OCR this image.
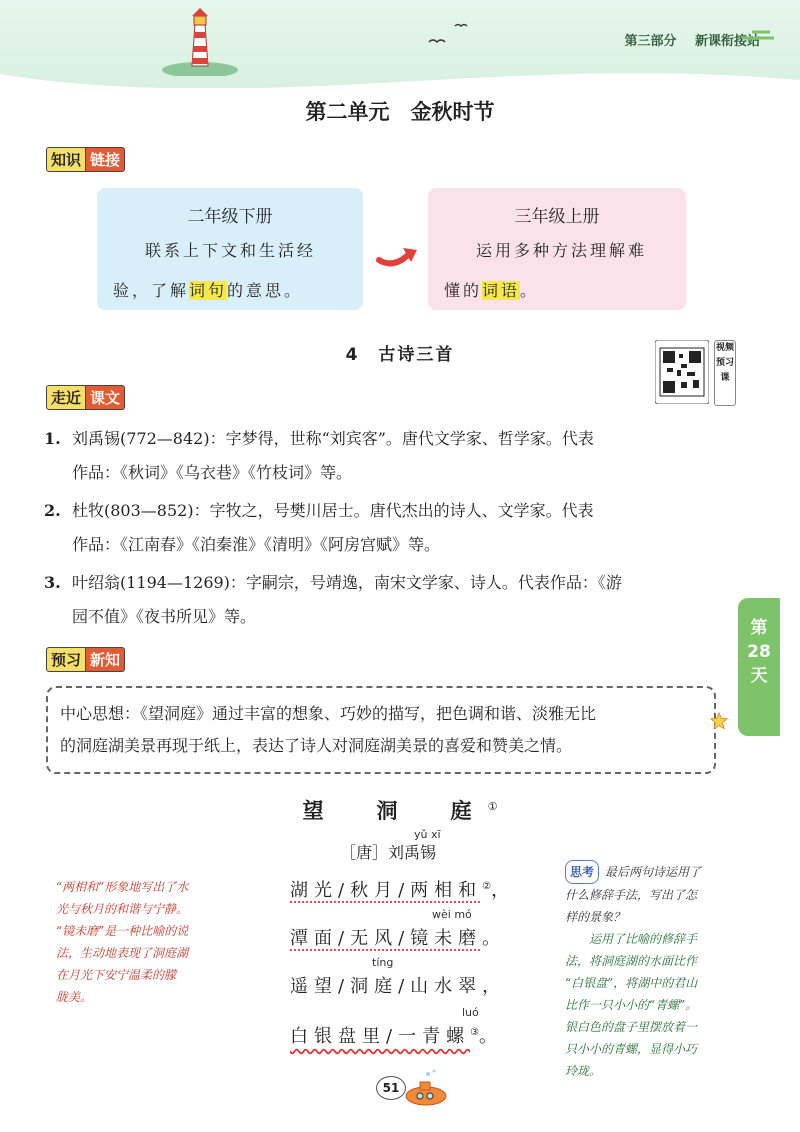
第三部分 新课衔接站
第二单元　金秋时节
知识 链接
二年级下册
联系上下文和生活经
验，了解词句的意思。
三年级上册
运用多种方法理解难
懂的词语。
4　古诗三首	视频预习课
走近 课文
1. 刘禹锡(772—842)：字梦得，世称“刘宾客”。唐代文学家、哲学家。代表
作品：《秋词》《乌衣巷》《竹枝词》等。
2. 杜牧(803—852)：字牧之，号樊川居士。唐代杰出的诗人、文学家。代表
作品：《江南春》《泊秦淮》《清明》《阿房宫赋》等。
3. 叶绍翁(1194—1269)：字嗣宗，号靖逸，南宋文学家、诗人。代表作品：《游
园不值》《夜书所见》等。
第
28
天
预习 新知
中心思想：《望洞庭》通过丰富的想象、巧妙的描写，把色调和谐、淡雅无比
的洞庭湖美景再现于纸上，表达了诗人对洞庭湖美景的喜爱和赞美之情。
望　洞　庭①
yǔ xī
［唐］刘禹锡
湖光/秋月/两相和②，
wèi mó
潭面/无风/镜未磨。
tíng
遥望/洞庭/山水翠，
luó
白银盘里/一青螺③。
“两相和”形象地写出了水
光与秋月的和谐与宁静。
“镜未磨”是一种比喻的说
法，生动地表现了洞庭湖
在月光下安宁温柔的朦
胧美。
思考 最后两句诗运用了
什么修辞手法，写出了怎
样的景象？
运用了比喻的修辞手
法，将洞庭湖的水面比作
“白银盘”，将湖中的君山
比作一只小小的“青螺”。
银白色的盘子里摆放着一
只小小的青螺，显得小巧
玲珑。
51
